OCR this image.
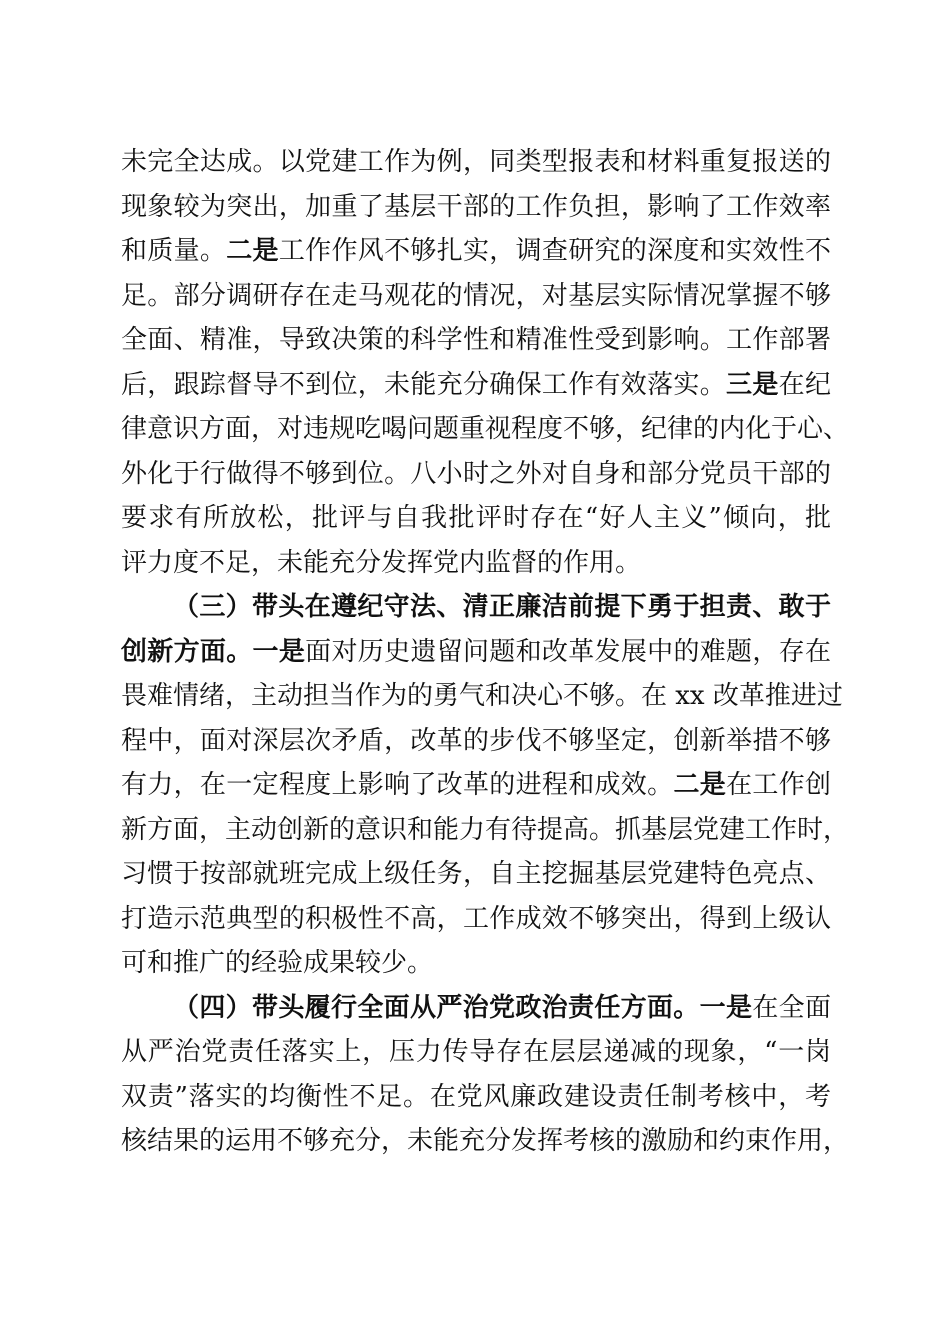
未完全达成。以党建工作为例，同类型报表和材料重复报送的
现象较为突出，加重了基层干部的工作负担，影响了工作效率
和质量。二是工作作风不够扎实，调查研究的深度和实效性不
足。部分调研存在走马观花的情况，对基层实际情况掌握不够
全面、精准，导致决策的科学性和精准性受到影响。工作部署
后，跟踪督导不到位，未能充分确保工作有效落实。三是在纪
律意识方面，对违规吃喝问题重视程度不够，纪律的内化于心、
外化于行做得不够到位。八小时之外对自身和部分党员干部的
要求有所放松，批评与自我批评时存在“好人主义”倾向，批
评力度不足，未能充分发挥党内监督的作用。
（三）带头在遵纪守法、清正廉洁前提下勇于担责、敢于
创新方面。一是面对历史遗留问题和改革发展中的难题，存在
畏难情绪，主动担当作为的勇气和决心不够。在 xx 改革推进过
程中，面对深层次矛盾，改革的步伐不够坚定，创新举措不够
有力，在一定程度上影响了改革的进程和成效。二是在工作创
新方面，主动创新的意识和能力有待提高。抓基层党建工作时，
习惯于按部就班完成上级任务，自主挖掘基层党建特色亮点、
打造示范典型的积极性不高，工作成效不够突出，得到上级认
可和推广的经验成果较少。
（四）带头履行全面从严治党政治责任方面。一是在全面
从严治党责任落实上，压力传导存在层层递减的现象，“一岗
双责”落实的均衡性不足。在党风廉政建设责任制考核中，考
核结果的运用不够充分，未能充分发挥考核的激励和约束作用，
